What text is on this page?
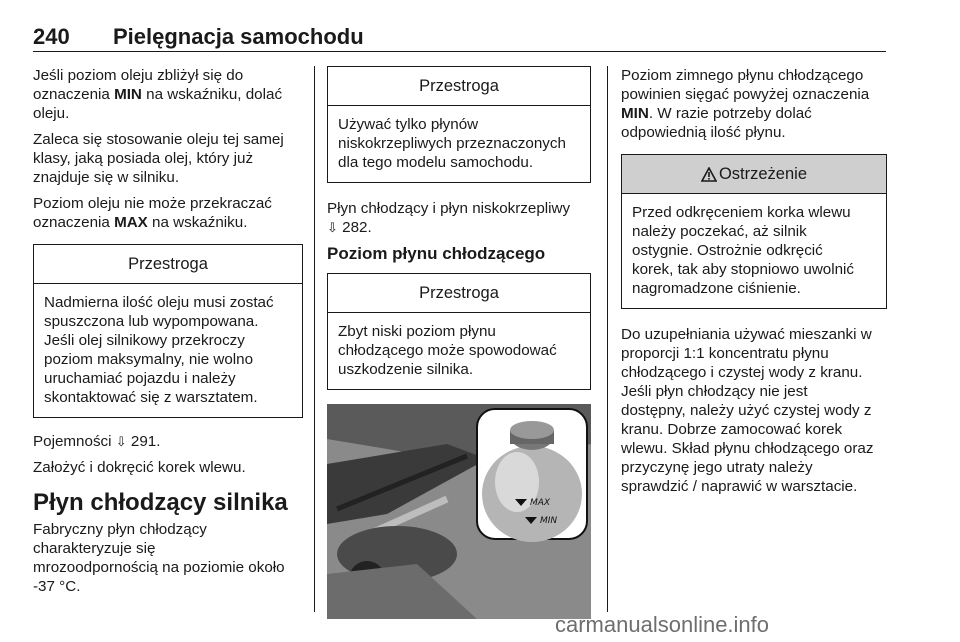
240 Pielęgnacja samochodu

Jeśli poziom oleju zbliżył się do
oznaczenia MIN na wskaźniku, dolać
oleju.

Zaleca się stosowanie oleju tej samej
klasy, jaką posiada olej, który już
znajduje się w silniku.

Poziom oleju nie może przekraczać
oznaczenia MAX na wskaźniku.

Przestroga
Nadmierna ilość oleju musi zostać
spuszczona lub wypompowana.
Jeśli olej silnikowy przekroczy
poziom maksymalny, nie wolno
uruchamiać pojazdu i należy
skontaktować się z warsztatem.

Pojemności ⇩ 291.

Założyć i dokręcić korek wlewu.

Płyn chłodzący silnika

Fabryczny płyn chłodzący
charakteryzuje się
mrozoodpornością na poziomie około
-37 °C.

Przestroga
Używać tylko płynów
niskokrzepliwych przeznaczonych
dla tego modelu samochodu.

Płyn chłodzący i płyn niskokrzepliwy
⇩ 282.

Poziom płynu chłodzącego
Przestroga
Zbyt niski poziom płynu
chłodzącego może spowodować
uszkodzenie silnika.
MAX
MIN

Poziom zimnego płynu chłodzącego
powinien sięgać powyżej oznaczenia
MIN. W razie potrzeby dolać
odpowiednią ilość płynu.

Ostrzeżenie
Przed odkręceniem korka wlewu
należy poczekać, aż silnik
ostygnie. Ostrożnie odkręcić
korek, tak aby stopniowo uwolnić
nagromadzone ciśnienie.

Do uzupełniania używać mieszanki w
proporcji 1:1 koncentratu płynu
chłodzącego i czystej wody z kranu.
Jeśli płyn chłodzący nie jest
dostępny, należy użyć czystej wody z
kranu. Dobrze zamocować korek
wlewu. Skład płynu chłodzącego oraz
przyczynę jego utraty należy
sprawdzić / naprawić w warsztacie.

carmanualsonline.info
